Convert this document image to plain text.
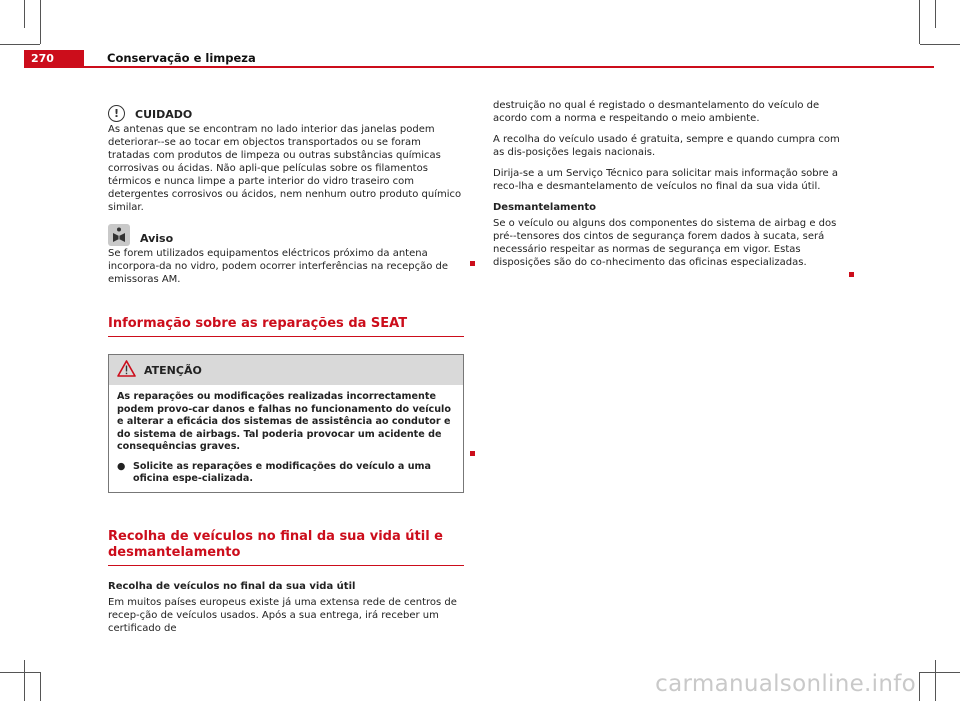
270	Conservação e limpeza
!	CUIDADO

As antenas que se encontram no lado interior das janelas podem deteriorar--se ao tocar em objectos transportados ou se foram tratadas com produtos de limpeza ou outras substâncias químicas corrosivas ou ácidas. Não apli-que películas sobre os filamentos térmicos e nunca limpe a parte interior do vidro traseiro com detergentes corrosivos ou ácidos, nem nenhum outro produto químico similar.

Aviso

Se forem utilizados equipamentos eléctricos próximo da antena incorpora-da no vidro, podem ocorrer interferências na recepção de emissoras AM.

Informação sobre as reparações da SEAT
ATENÇÃO

As reparações ou modificações realizadas incorrectamente podem provo-car danos e falhas no funcionamento do veículo e alterar a eficácia dos sistemas de assistência ao condutor e do sistema de airbags. Tal poderia provocar um acidente de consequências graves.

● Solicite as reparações e modificações do veículo a uma oficina espe-cializada.
Recolha de veículos no final da sua vida útil e desmantelamento
Recolha de veículos no final da sua vida útil

Em muitos países europeus existe já uma extensa rede de centros de recep-ção de veículos usados. Após a sua entrega, irá receber um certificado de

destruição no qual é registado o desmantelamento do veículo de acordo com a norma e respeitando o meio ambiente.

A recolha do veículo usado é gratuita, sempre e quando cumpra com as dis-posições legais nacionais.

Dirija-se a um Serviço Técnico para solicitar mais informação sobre a reco-lha e desmantelamento de veículos no final da sua vida útil.

Desmantelamento

Se o veículo ou alguns dos componentes do sistema de airbag e dos pré--tensores dos cintos de segurança forem dados à sucata, será necessário respeitar as normas de segurança em vigor. Estas disposições são do co-nhecimento das oficinas especializadas.

carmanualsonline.info
